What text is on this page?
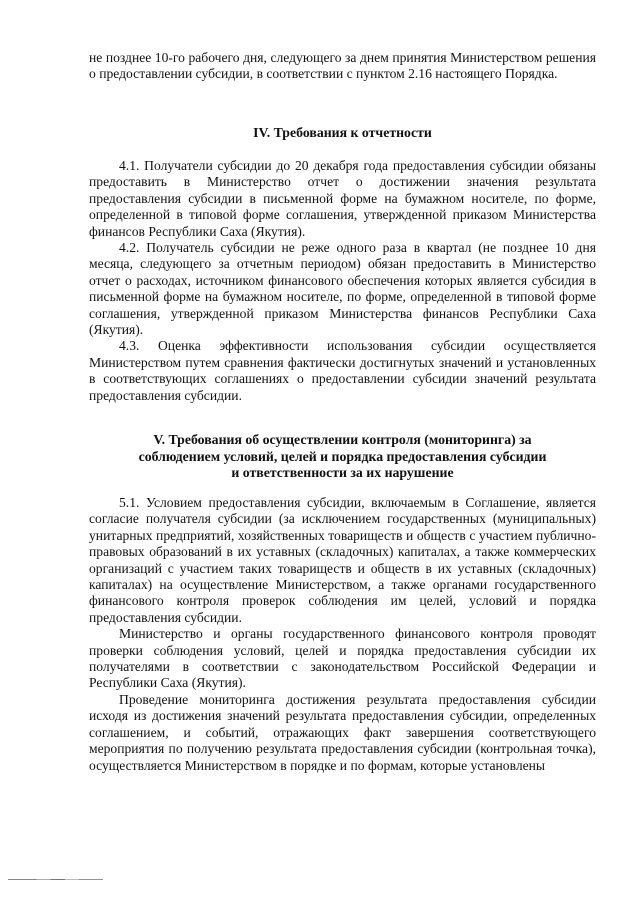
не позднее 10-го рабочего дня, следующего за днем принятия Министерством решения о предоставлении субсидии, в соответствии с пунктом 2.16 настоящего Порядка.

IV. Требования к отчетности

4.1. Получатели субсидии до 20 декабря года предоставления субсидии обязаны предоставить в Министерство отчет о достижении значения результата предоставления субсидии в письменной форме на бумажном носителе, по форме, определенной в типовой форме соглашения, утвержденной приказом Министерства финансов Республики Саха (Якутия).

4.2. Получатель субсидии не реже одного раза в квартал (не позднее 10 дня месяца, следующего за отчетным периодом) обязан предоставить в Министерство отчет о расходах, источником финансового обеспечения которых является субсидия в письменной форме на бумажном носителе, по форме, определенной в типовой форме соглашения, утвержденной приказом Министерства финансов Республики Саха (Якутия).

4.3. Оценка эффективности использования субсидии осуществляется Министерством путем сравнения фактически достигнутых значений и установленных в соответствующих соглашениях о предоставлении субсидии значений результата предоставления субсидии.

V. Требования об осуществлении контроля (мониторинга) за
соблюдением условий, целей и порядка предоставления субсидии
и ответственности за их нарушение

5.1. Условием предоставления субсидии, включаемым в Соглашение, является согласие получателя субсидии (за исключением государственных (муниципальных) унитарных предприятий, хозяйственных товариществ и обществ с участием публично-правовых образований в их уставных (складочных) капиталах, а также коммерческих организаций с участием таких товариществ и обществ в их уставных (складочных) капиталах) на осуществление Министерством, а также органами государственного финансового контроля проверок соблюдения им целей, условий и порядка предоставления субсидии.

Министерство и органы государственного финансового контроля проводят проверки соблюдения условий, целей и порядка предоставления субсидии их получателями в соответствии с законодательством Российской Федерации и Республики Саха (Якутия).

Проведение мониторинга достижения результата предоставления субсидии исходя из достижения значений результата предоставления субсидии, определенных соглашением, и событий, отражающих факт завершения соответствующего мероприятия по получению результата предоставления субсидии (контрольная точка), осуществляется Министерством в порядке и по формам, которые установлены
